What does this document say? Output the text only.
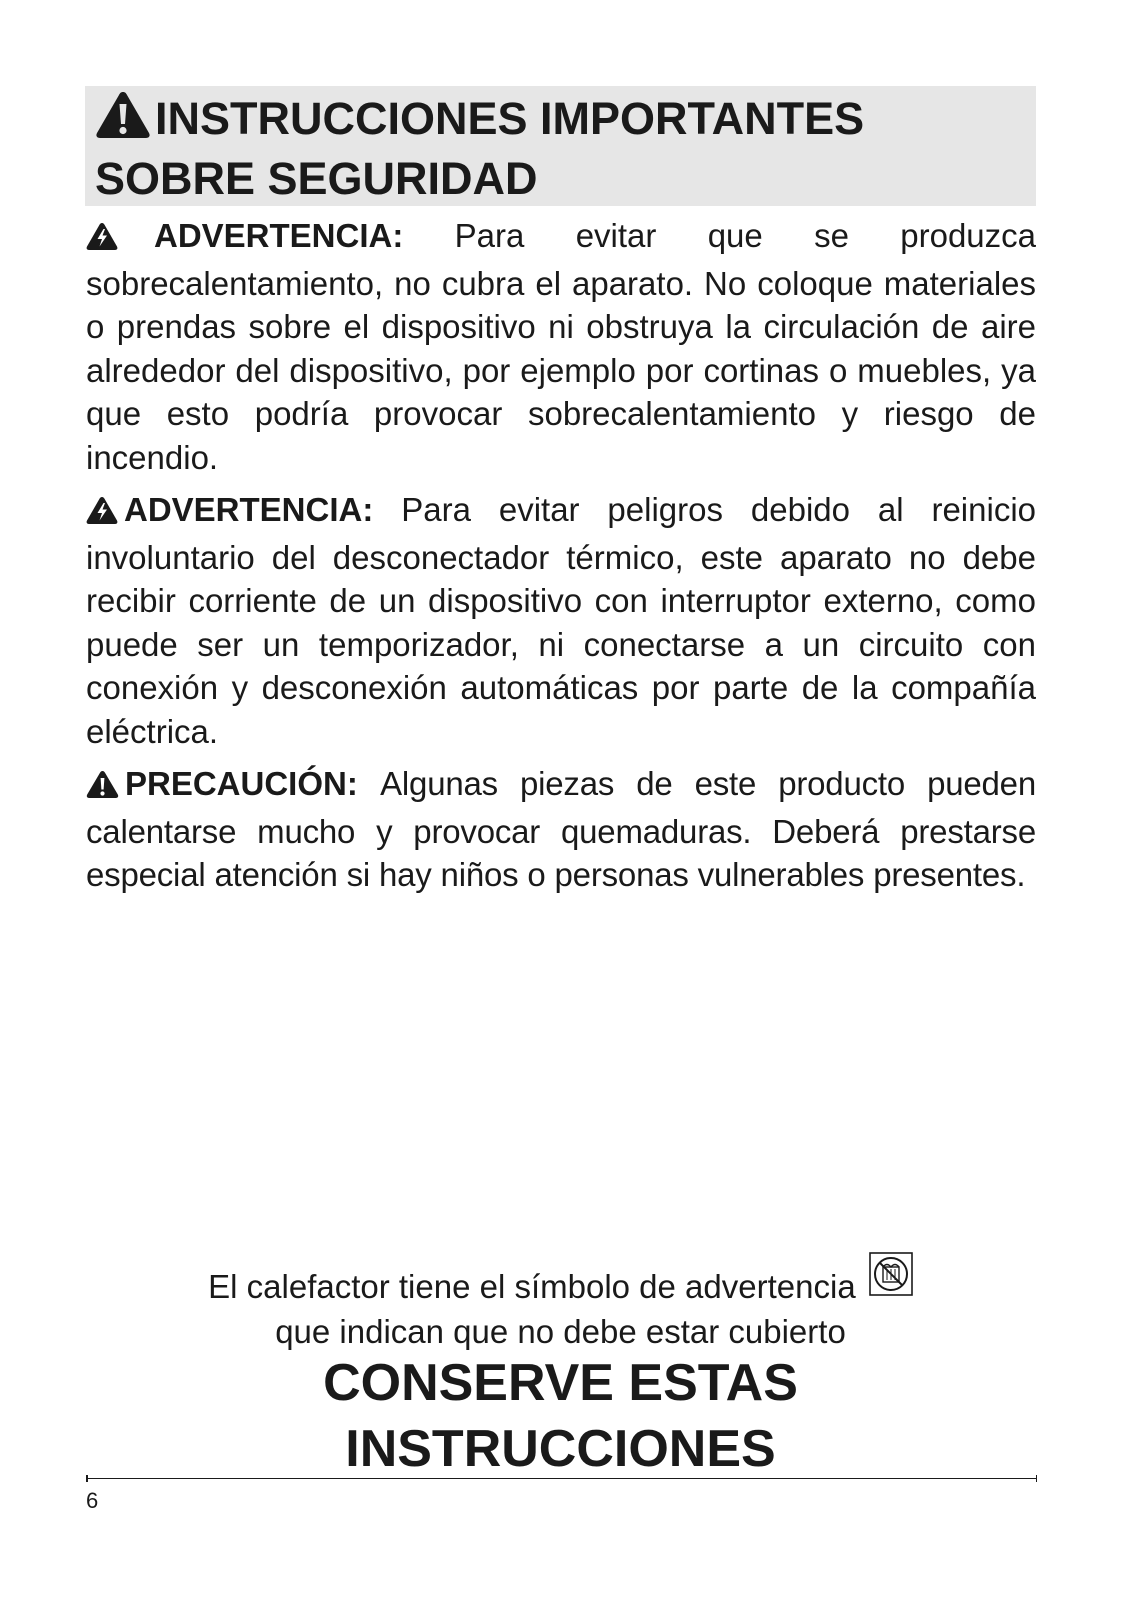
INSTRUCCIONES IMPORTANTES
SOBRE SEGURIDAD

ADVERTENCIA: Para evitar que se produzca sobrecalentamiento, no cubra el aparato. No coloque materiales o prendas sobre el dispositivo ni obstruya la circulación de aire alrededor del dispositivo, por ejemplo por cortinas o muebles, ya que esto podría provocar sobrecalentamiento y riesgo de incendio.

ADVERTENCIA: Para evitar peligros debido al reinicio involuntario del desconectador térmico, este aparato no debe recibir corriente de un dispositivo con interruptor externo, como puede ser un temporizador, ni conectarse a un circuito con conexión y desconexión automáticas por parte de la compañía eléctrica.

PRECAUCIÓN: Algunas piezas de este producto pueden calentarse mucho y provocar quemaduras. Deberá prestarse especial atención si hay niños o personas vulnerables presentes.

El calefactor tiene el símbolo de advertencia
que indican que no debe estar cubierto
CONSERVE ESTAS
INSTRUCCIONES
6
